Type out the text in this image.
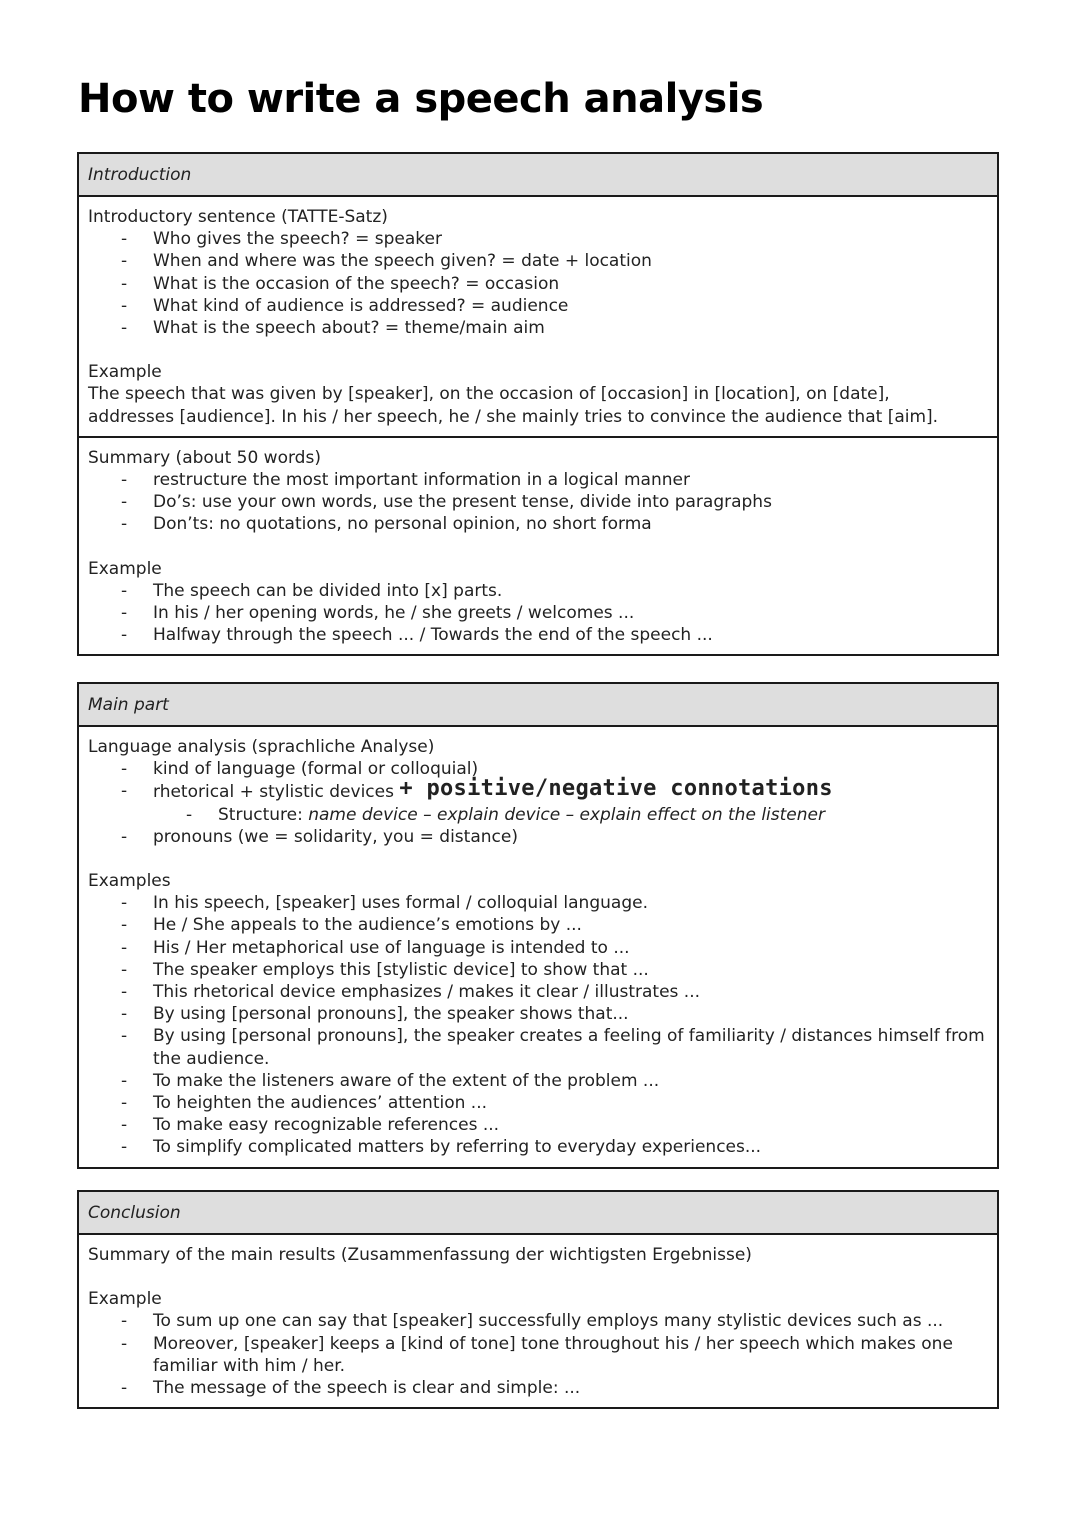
How to write a speech analysis
Introduction
Introductory sentence (TATTE-Satz)
- Who gives the speech? = speaker
- When and where was the speech given? = date + location
- What is the occasion of the speech? = occasion
- What kind of audience is addressed? = audience
- What is the speech about? = theme/main aim
Example
The speech that was given by [speaker], on the occasion of [occasion] in [location], on [date],
addresses [audience]. In his / her speech, he / she mainly tries to convince the audience that [aim].
Summary (about 50 words)
- restructure the most important information in a logical manner
- Do’s: use your own words, use the present tense, divide into paragraphs
- Don’ts: no quotations, no personal opinion, no short forma
Example
- The speech can be divided into [x] parts.
- In his / her opening words, he / she greets / welcomes ...
- Halfway through the speech ... / Towards the end of the speech ...
Main part
Language analysis (sprachliche Analyse)
- kind of language (formal or colloquial)
- rhetorical + stylistic devices + positive/negative connotations
- Structure: name device – explain device – explain effect on the listener
- pronouns (we = solidarity, you = distance)
Examples
- In his speech, [speaker] uses formal / colloquial language.
- He / She appeals to the audience’s emotions by ...
- His / Her metaphorical use of language is intended to ...
- The speaker employs this [stylistic device] to show that ...
- This rhetorical device emphasizes / makes it clear / illustrates ...
- By using [personal pronouns], the speaker shows that...
- By using [personal pronouns], the speaker creates a feeling of familiarity / distances himself from the audience.
- To make the listeners aware of the extent of the problem ...
- To heighten the audiences’ attention ...
- To make easy recognizable references ...
- To simplify complicated matters by referring to everyday experiences...
Conclusion
Summary of the main results (Zusammenfassung der wichtigsten Ergebnisse)
Example
- To sum up one can say that [speaker] successfully employs many stylistic devices such as ...
- Moreover, [speaker] keeps a [kind of tone] tone throughout his / her speech which makes one familiar with him / her.
- The message of the speech is clear and simple: ...
